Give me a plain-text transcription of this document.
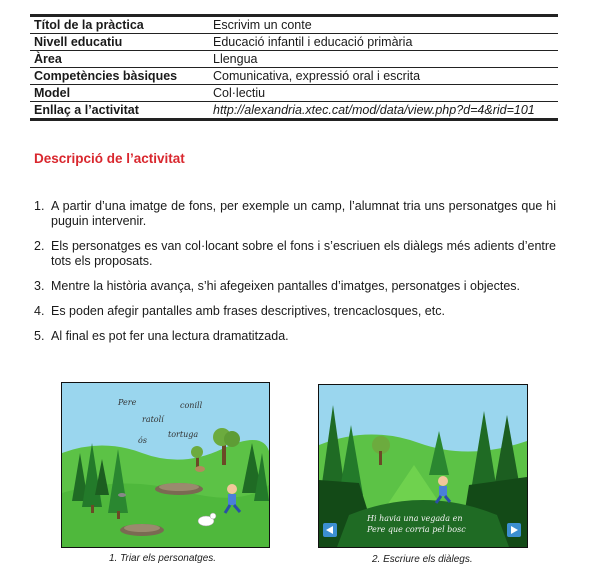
Títol de la pràctica	Escrivim un conte
Nivell educatiu	Educació infantil i educació primària
Àrea	Llengua
Competències bàsiques	Comunicativa, expressió oral i escrita
Model	Col·lectiu
Enllaç a l’activitat	http://alexandria.xtec.cat/mod/data/view.php?d=4&rid=101
Descripció de l’activitat
1. A partir d’una imatge de fons, per exemple un camp, l’alumnat tria uns personatges que hi puguin intervenir.
2. Els personatges es van col·locant sobre el fons i s’escriuen els diàlegs més adients d’entre tots els proposats.
3. Mentre la història avança, s’hi afegeixen pantalles d’imatges, personatges i objectes.
4. Es poden afegir pantalles amb frases descriptives, trencaclosques, etc.
5. Al final es pot fer una lectura dramatitzada.
Pere	conill
ratolí
tortuga
ós
1. Triar els personatges.
Hi havia una vegada en
Pere que corria pel bosc
2. Escriure els diàlegs.
